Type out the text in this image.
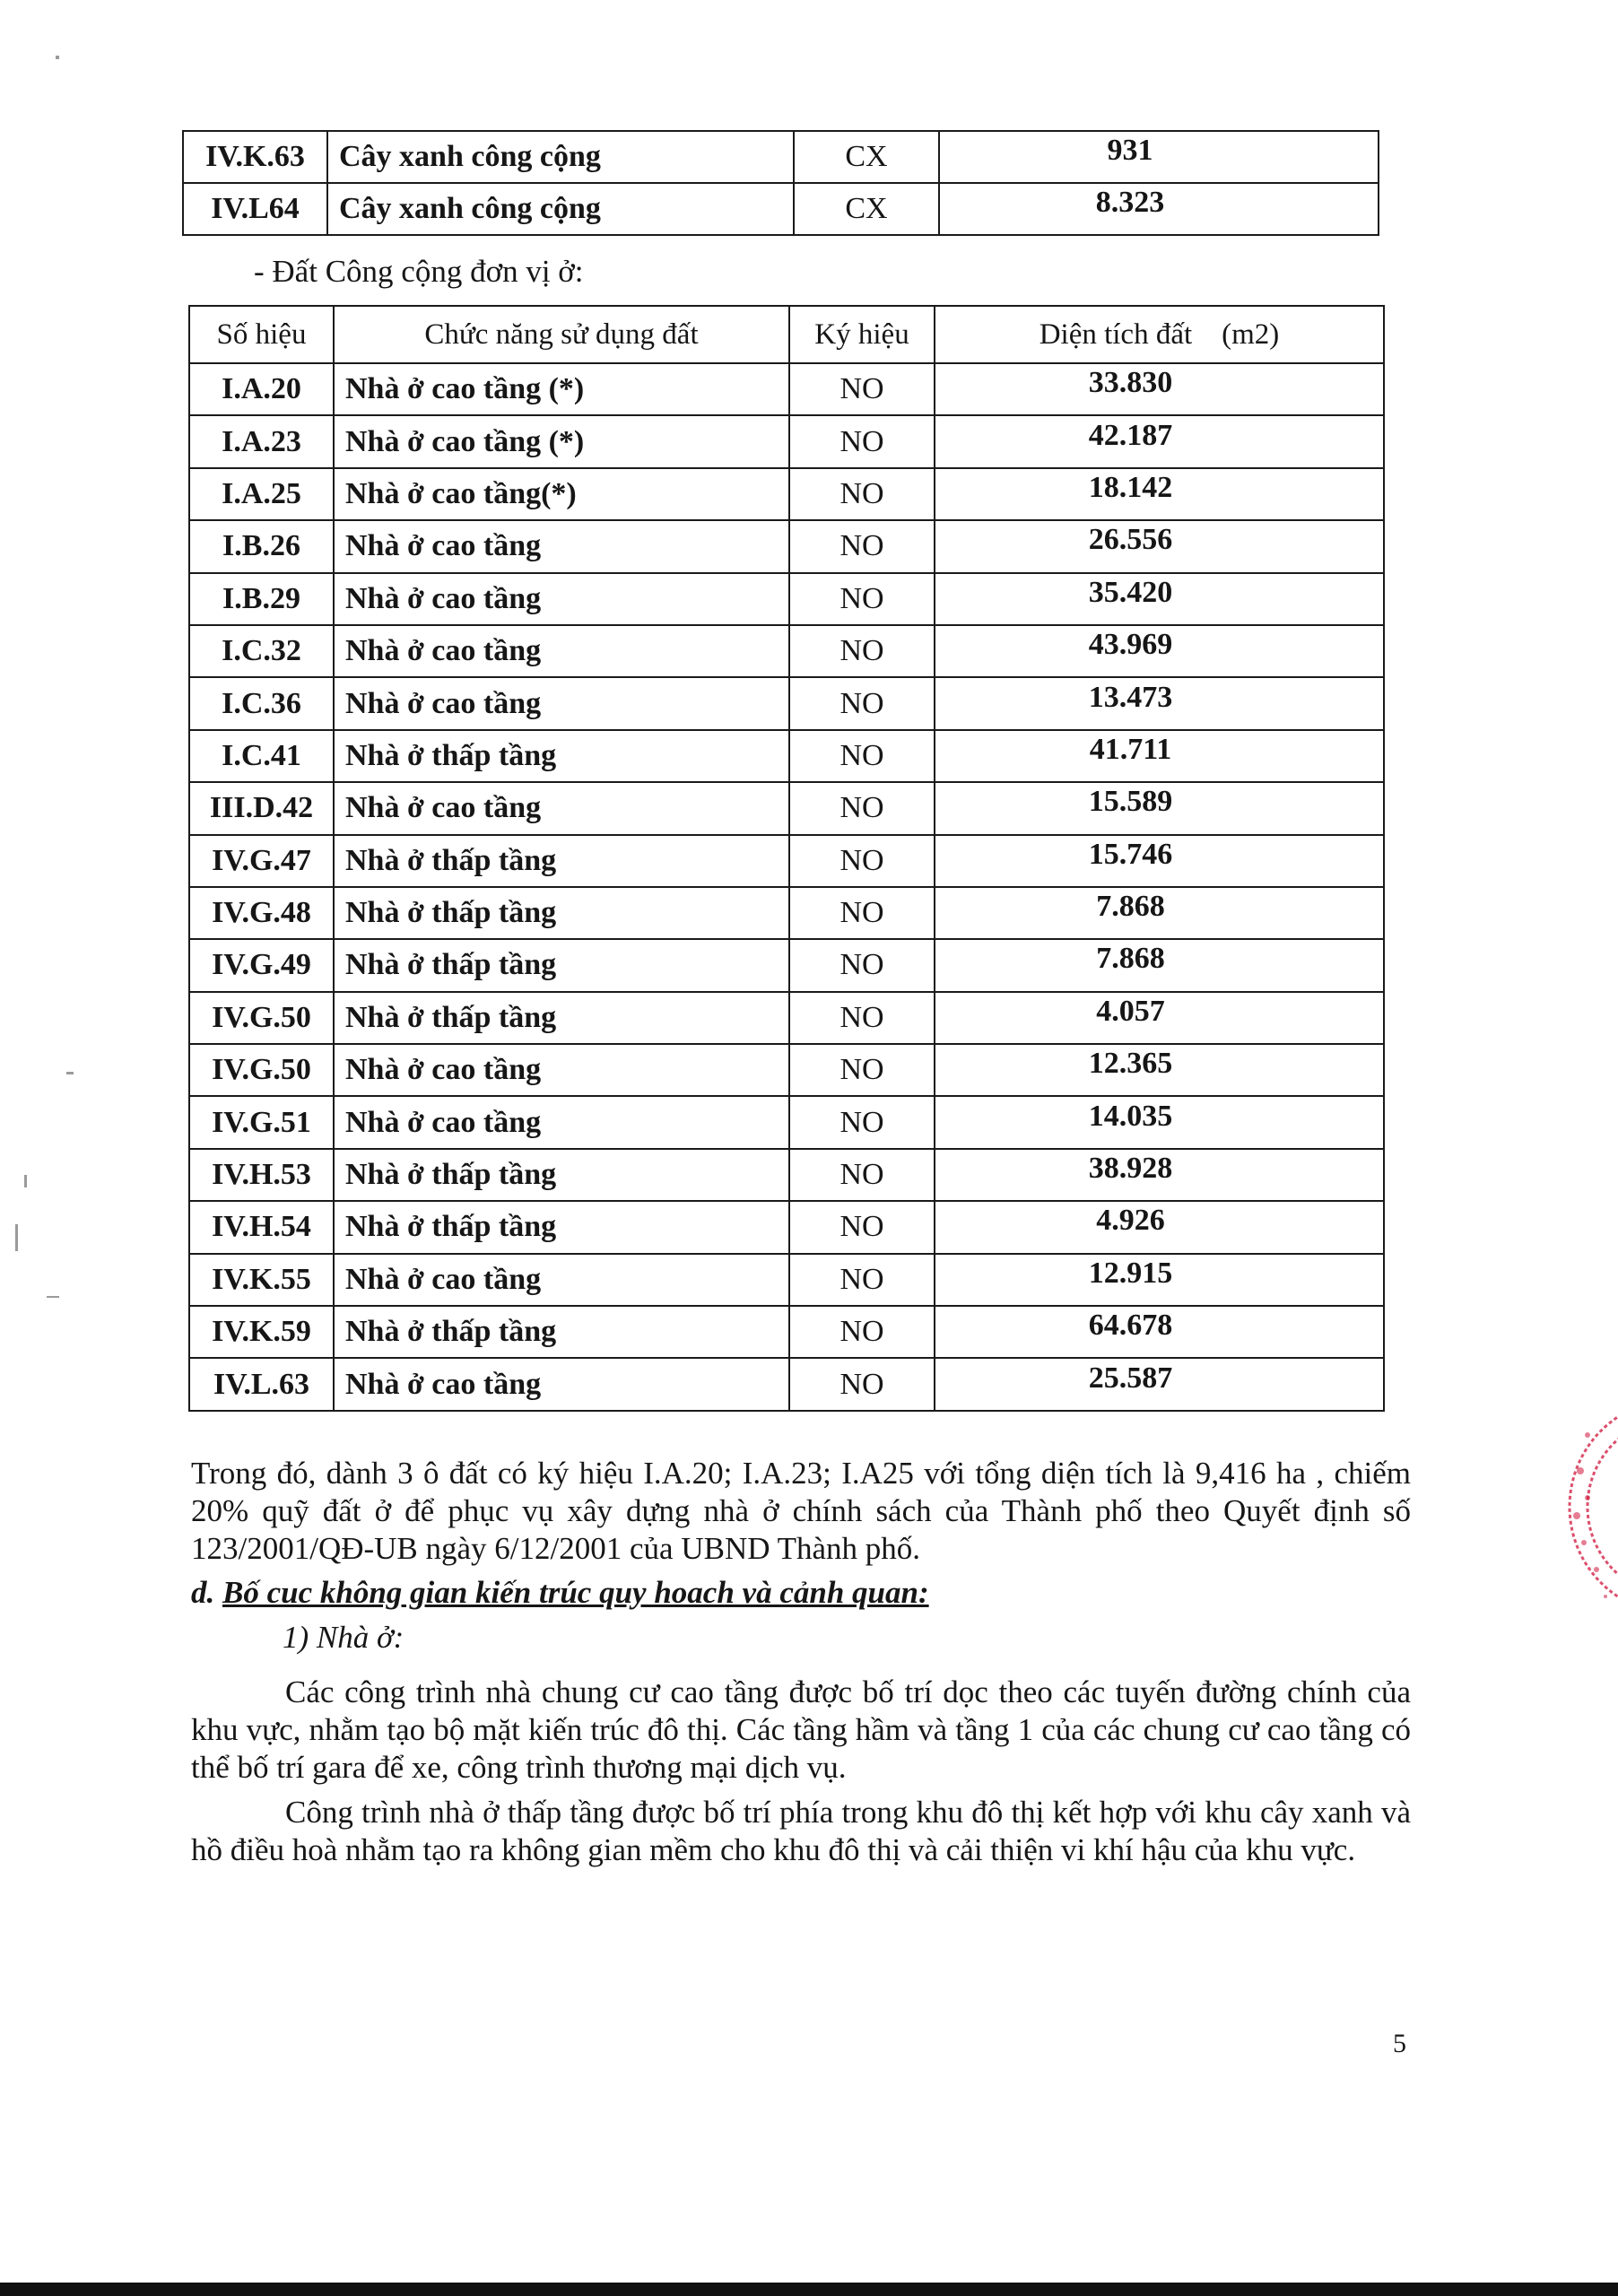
IV.K.63	Cây xanh công cộng	CX	931
IV.L64	Cây xanh công cộng	CX	8.323
- Đất Công cộng đơn vị ở:
Số hiệu	Chức năng sử dụng đất	Ký hiệu	Diện tích đất    (m2)
I.A.20	Nhà ở cao tầng (*)	NO	33.830
I.A.23	Nhà ở cao tầng (*)	NO	42.187
I.A.25	Nhà ở cao tầng(*)	NO	18.142
I.B.26	Nhà ở cao tầng	NO	26.556
I.B.29	Nhà ở cao tầng	NO	35.420
I.C.32	Nhà ở cao tầng	NO	43.969
I.C.36	Nhà ở cao tầng	NO	13.473
I.C.41	Nhà ở thấp tầng	NO	41.711
III.D.42	Nhà ở cao tầng	NO	15.589
IV.G.47	Nhà ở thấp tầng	NO	15.746
IV.G.48	Nhà ở thấp tầng	NO	7.868
IV.G.49	Nhà ở thấp tầng	NO	7.868
IV.G.50	Nhà ở thấp tầng	NO	4.057
IV.G.50	Nhà ở cao tầng	NO	12.365
IV.G.51	Nhà ở cao tầng	NO	14.035
IV.H.53	Nhà ở thấp tầng	NO	38.928
IV.H.54	Nhà ở thấp tầng	NO	4.926
IV.K.55	Nhà ở cao tầng	NO	12.915
IV.K.59	Nhà ở thấp tầng	NO	64.678
IV.L.63	Nhà ở cao tầng	NO	25.587
Trong đó, dành 3 ô đất có ký hiệu I.A.20; I.A.23; I.A25 với tổng diện tích là 9,416 ha , chiếm 20% quỹ đất ở để phục vụ xây dựng nhà ở chính sách của Thành phố theo Quyết định số 123/2001/QĐ-UB ngày 6/12/2001 của UBND Thành phố.
d. Bố cuc không gian kiến trúc quy hoach và cảnh quan:
1) Nhà ở:
Các công trình nhà chung cư cao tầng được bố trí dọc theo các tuyến đường chính của khu vực, nhằm tạo bộ mặt kiến trúc đô thị. Các tầng hầm và tầng 1 của các chung cư cao tầng có thể bố trí gara để xe, công trình thương mại dịch vụ.
Công trình nhà ở thấp tầng được bố trí phía trong khu đô thị kết hợp với khu cây xanh và hồ điều hoà nhằm tạo ra không gian mềm cho khu đô thị và cải thiện vi khí hậu của khu vực.
5
